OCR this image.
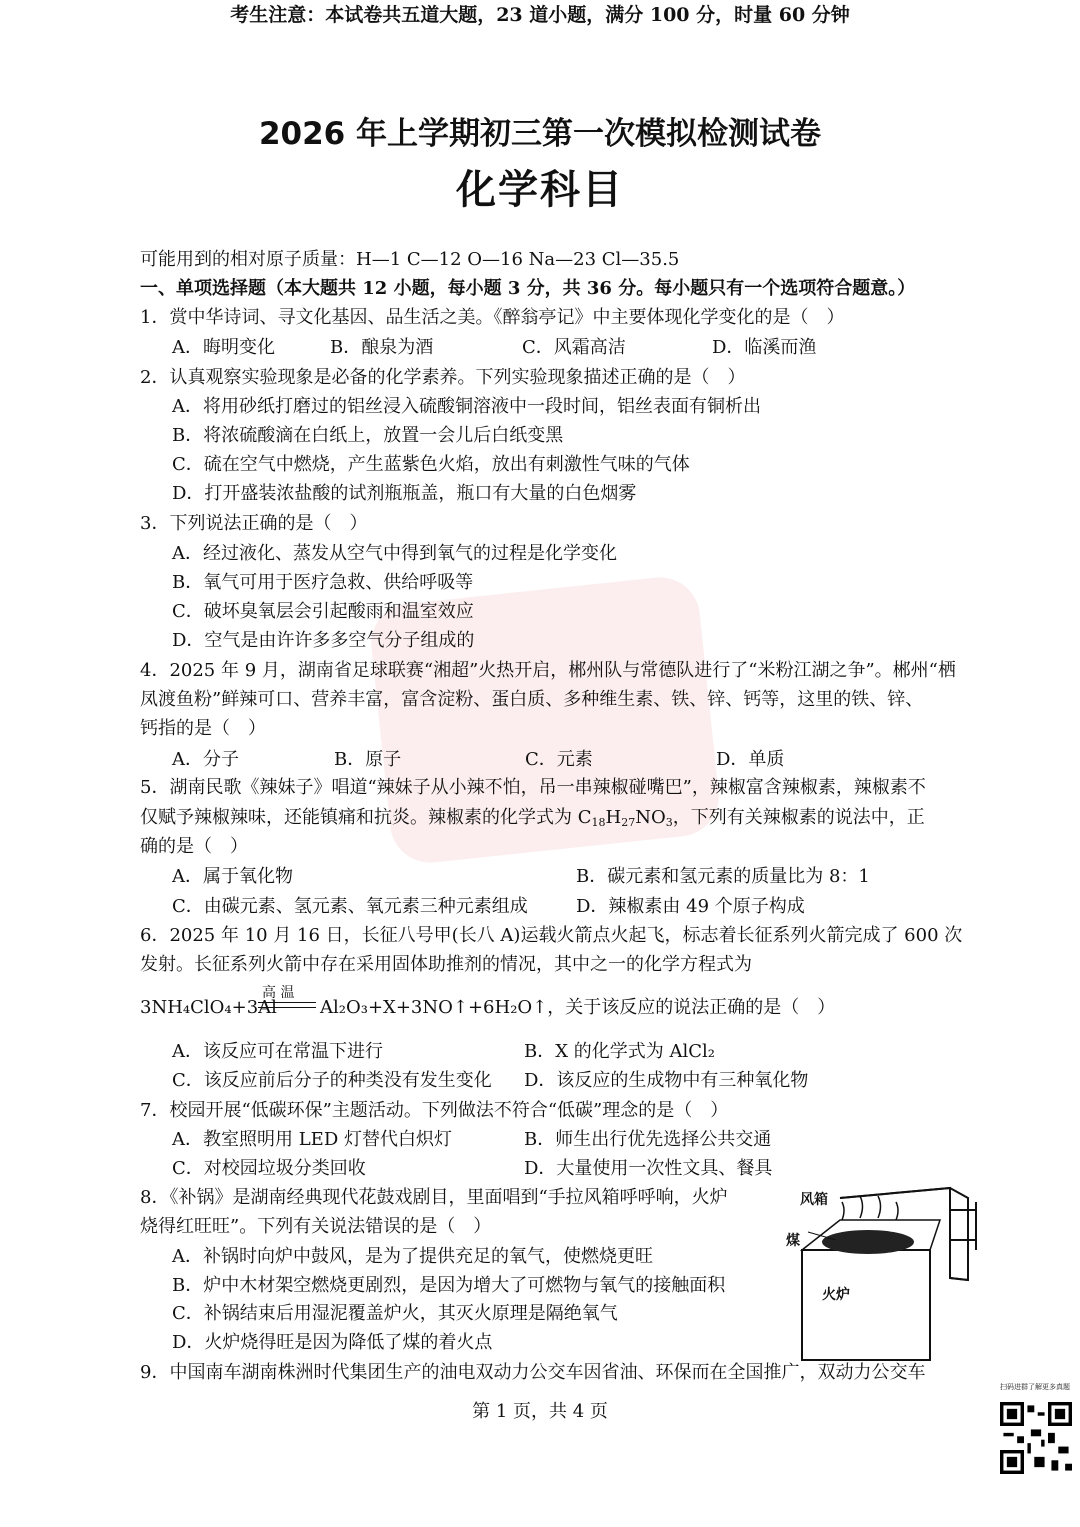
2026 年上学期初三第一次模拟检测试卷
化学科目
考生注意：本试卷共五道大题，23 道小题，满分 100 分，时量 60 分钟
可能用到的相对原子质量：H—1 C—12 O—16 Na—23 Cl—35.5
一、单项选择题（本大题共 12 小题，每小题 3 分，共 36 分。每小题只有一个选项符合题意。）
1．赏中华诗词、寻文化基因、品生活之美。《醉翁亭记》中主要体现化学变化的是（　）
A．晦明变化	B．酿泉为酒	C．风霜高洁	D．临溪而渔
2．认真观察实验现象是必备的化学素养。下列实验现象描述正确的是（　）
A．将用砂纸打磨过的铝丝浸入硫酸铜溶液中一段时间，铝丝表面有铜析出
B．将浓硫酸滴在白纸上，放置一会儿后白纸变黑
C．硫在空气中燃烧，产生蓝紫色火焰，放出有刺激性气味的气体
D．打开盛装浓盐酸的试剂瓶瓶盖，瓶口有大量的白色烟雾
3．下列说法正确的是（　）
A．经过液化、蒸发从空气中得到氧气的过程是化学变化
B．氧气可用于医疗急救、供给呼吸等
C．破坏臭氧层会引起酸雨和温室效应
D．空气是由许许多多空气分子组成的
4．2025 年 9 月，湖南省足球联赛“湘超”火热开启，郴州队与常德队进行了“米粉江湖之争”。郴州“栖
凤渡鱼粉”鲜辣可口、营养丰富，富含淀粉、蛋白质、多种维生素、铁、锌、钙等，这里的铁、锌、
钙指的是（　）
A．分子	B．原子	C．元素	D．单质
5．湖南民歌《辣妹子》唱道“辣妹子从小辣不怕，吊一串辣椒碰嘴巴”，辣椒富含辣椒素，辣椒素不
仅赋予辣椒辣味，还能镇痛和抗炎。辣椒素的化学式为 $C_{18}H_{27}NO_3$，下列有关辣椒素的说法中，正
确的是（　）
A．属于氧化物	B．碳元素和氢元素的质量比为 8：1
C．由碳元素、氢元素、氧元素三种元素组成	D．辣椒素由 49 个原子构成
6．2025 年 10 月 16 日，长征八号甲(长八 A)运载火箭点火起飞，标志着长征系列火箭完成了 600 次
发射。长征系列火箭中存在采用固体助推剂的情况，其中之一的化学方程式为
高 温
3NH₄ClO₄+3Al Al₂O₃+X+3NO↑+6H₂O↑，关于该反应的说法正确的是（　）
A．该反应可在常温下进行	B．X 的化学式为 AlCl₂
C．该反应前后分子的种类没有发生变化 D．该反应的生成物中有三种氧化物
7．校园开展“低碳环保”主题活动。下列做法不符合“低碳”理念的是（　）
A．教室照明用 LED 灯替代白炽灯	B．师生出行优先选择公共交通
C．对校园垃圾分类回收	D．大量使用一次性文具、餐具
8．《补锅》是湖南经典现代花鼓戏剧目，里面唱到“手拉风箱呼呼响，火炉
烧得红旺旺”。下列有关说法错误的是（　）
A．补锅时向炉中鼓风，是为了提供充足的氧气，使燃烧更旺
B．炉中木材架空燃烧更剧烈，是因为增大了可燃物与氧气的接触面积
C．补锅结束后用湿泥覆盖炉火，其灭火原理是隔绝氧气
D．火炉烧得旺是因为降低了煤的着火点
风箱
煤
火炉
9．中国南车湖南株洲时代集团生产的油电双动力公交车因省油、环保而在全国推广，双动力公交车
第 1 页，共 4 页
扫码进群了解更多真题
